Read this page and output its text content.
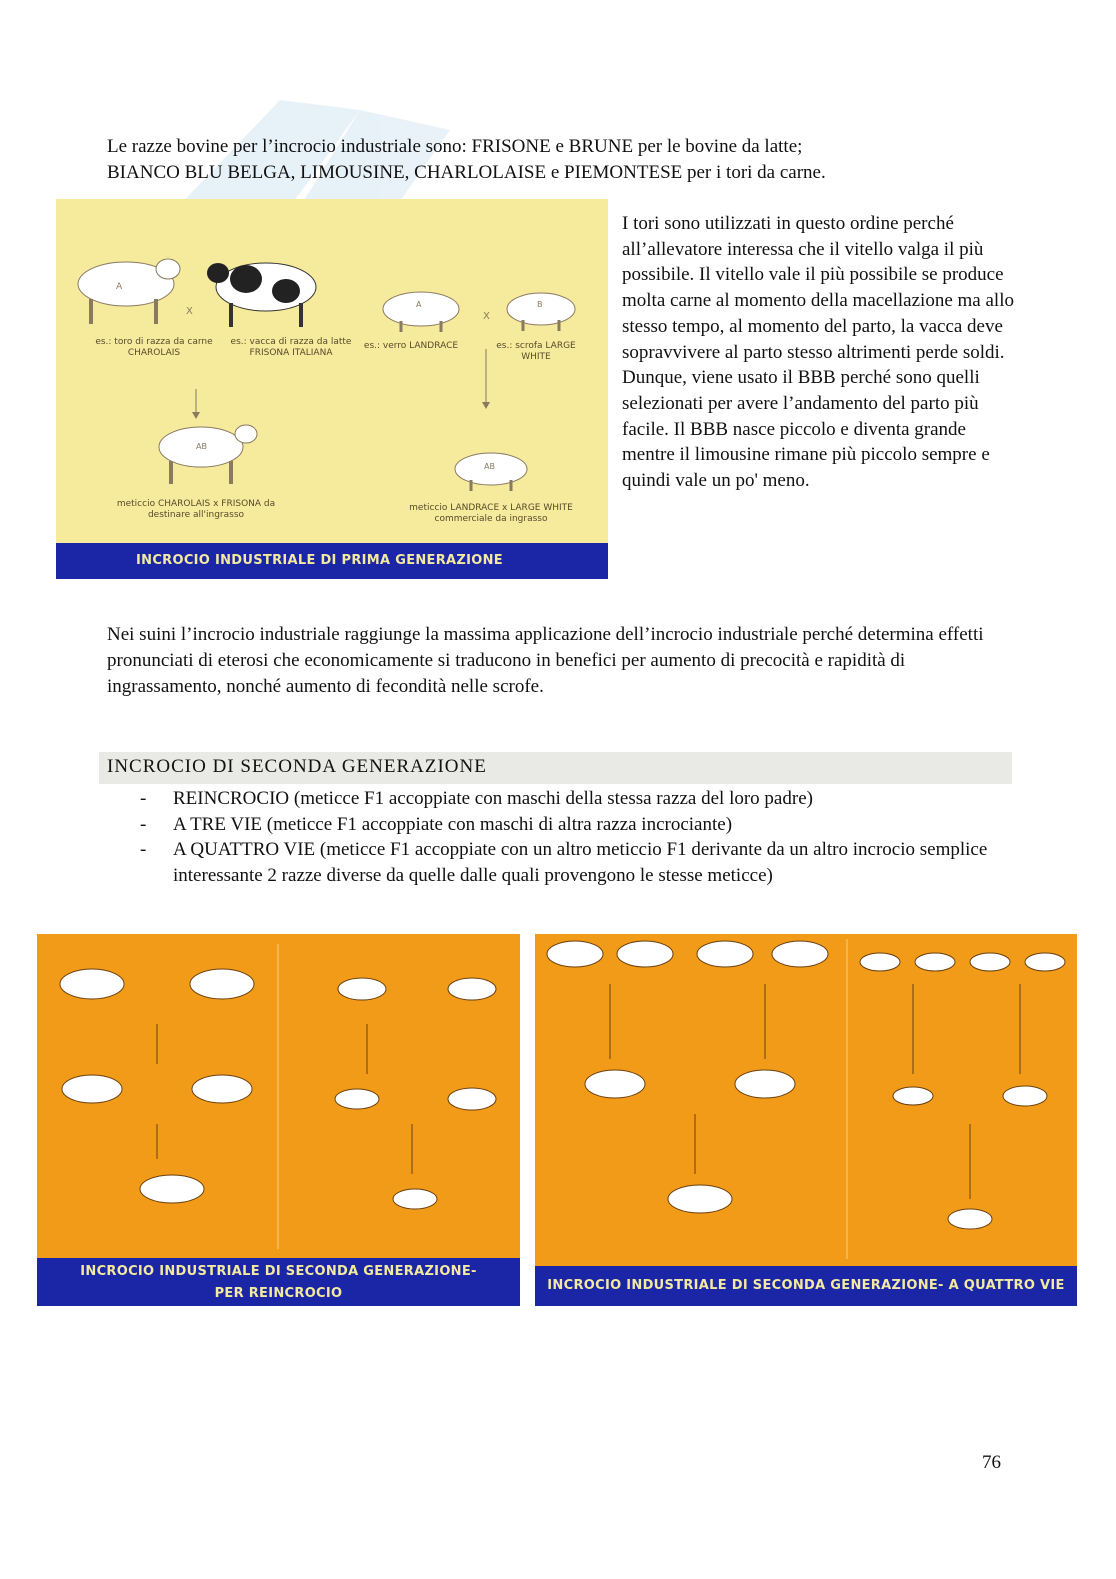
Le razze bovine per l’incrocio industriale sono: FRISONE e BRUNE per le bovine da latte;
BIANCO BLU BELGA, LIMOUSINE, CHARLOLAISE e PIEMONTESE per i tori da carne.

A
X
AB
A
X
B
AB
es.: toro di razza da carne CHAROLAIS
es.: vacca di razza da latte FRISONA ITALIANA
es.: verro LANDRACE	es.: scrofa LARGE WHITE
meticcio CHAROLAIS x FRISONA da destinare all'ingrasso
meticcio LANDRACE x LARGE WHITE commerciale da ingrasso
INCROCIO INDUSTRIALE DI PRIMA GENERAZIONE

I tori sono utilizzati in questo ordine perché all’allevatore interessa che il vitello valga il più possibile. Il vitello vale il più possibile se produce molta carne al momento della macellazione ma allo stesso tempo, al momento del parto, la vacca deve sopravvivere al parto stesso altrimenti perde soldi. Dunque, viene usato il BBB perché sono quelli selezionati per avere l’andamento del parto più facile. Il BBB nasce piccolo e diventa grande mentre il limousine rimane più piccolo sempre e quindi vale un po' meno.

Nei suini l’incrocio industriale raggiunge la massima applicazione dell’incrocio industriale perché determina effetti pronunciati di eterosi che economicamente si traducono in benefici per aumento di precocità e rapidità di ingrassamento, nonché aumento di fecondità nelle scrofe.

INCROCIO DI SECONDA GENERAZIONE
- REINCROCIO (meticce F1 accoppiate con maschi della stessa razza del loro padre)
- A TRE VIE (meticce F1 accoppiate con maschi di altra razza incrociante)
- A QUATTRO VIE (meticce F1 accoppiate con un altro meticcio F1 derivante da un altro incrocio semplice interessante 2 razze diverse da quelle dalle quali provengono le stesse meticce)
INCROCIO INDUSTRIALE DI SECONDA GENERAZIONE-
PER REINCROCIO
INCROCIO INDUSTRIALE DI SECONDA GENERAZIONE- A QUATTRO VIE
76
